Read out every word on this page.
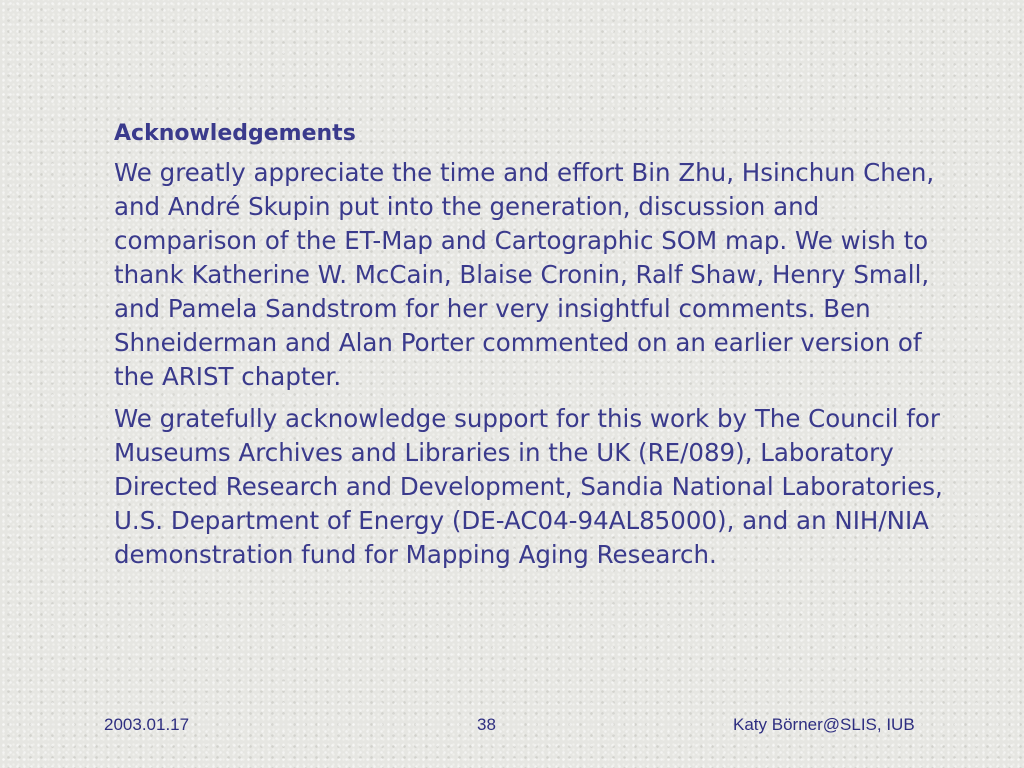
Acknowledgements

We greatly appreciate the time and effort Bin Zhu, Hsinchun Chen, and André Skupin put into the generation, discussion and comparison of the ET-Map and Cartographic SOM map. We wish to thank Katherine W. McCain, Blaise Cronin, Ralf Shaw, Henry Small, and Pamela Sandstrom for her very insightful comments. Ben Shneiderman and Alan Porter commented on an earlier version of the ARIST chapter.

We gratefully acknowledge support for this work by The Council for Museums Archives and Libraries in the UK (RE/089), Laboratory Directed Research and Development, Sandia National Laboratories, U.S. Department of Energy (DE-AC04-94AL85000), and an NIH/NIA demonstration fund for Mapping Aging Research.

2003.01.17	38	Katy Börner@SLIS, IUB
